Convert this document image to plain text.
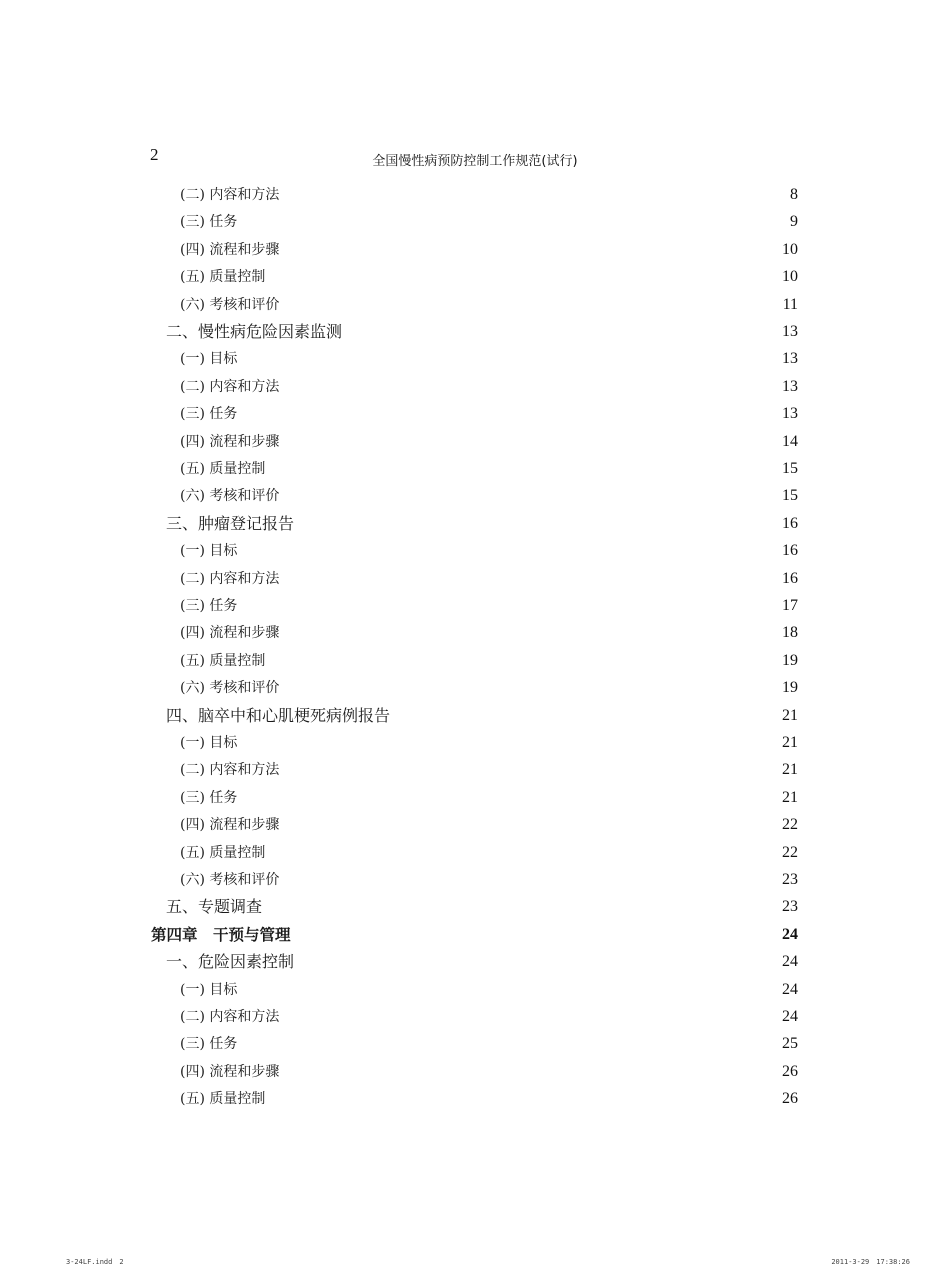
2	全国慢性病预防控制工作规范(试行)
(二) 内容和方法	8
(三) 任务	9
(四) 流程和步骤	10
(五) 质量控制	10
(六) 考核和评价	11
二、慢性病危险因素监测	13
(一) 目标	13
(二) 内容和方法	13
(三) 任务	13
(四) 流程和步骤	14
(五) 质量控制	15
(六) 考核和评价	15
三、肿瘤登记报告	16
(一) 目标	16
(二) 内容和方法	16
(三) 任务	17
(四) 流程和步骤	18
(五) 质量控制	19
(六) 考核和评价	19
四、脑卒中和心肌梗死病例报告	21
(一) 目标	21
(二) 内容和方法	21
(三) 任务	21
(四) 流程和步骤	22
(五) 质量控制	22
(六) 考核和评价	23
五、专题调查	23
第四章　干预与管理	24
一、危险因素控制	24
(一) 目标	24
(二) 内容和方法	24
(三) 任务	25
(四) 流程和步骤	26
(五) 质量控制	26
3-24LF.indd　2	2011-3-29　17:38:26
